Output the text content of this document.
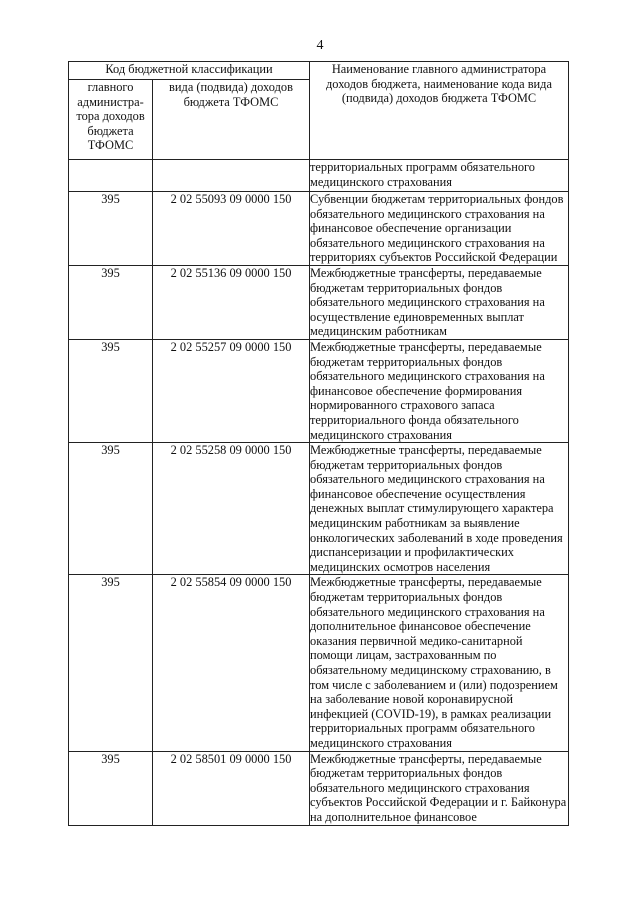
4
Код бюджетной классификации		Наименование главного администратора доходов бюджета, наименование кода вида (подвида) доходов бюджета ТФОМС
главного администра-тора доходов бюджета ТФОМС	вида (подвида) доходов бюджета ТФОМС	
		территориальных программ обязательного медицинского страхования
395	2 02 55093 09 0000 150	Субвенции бюджетам территориальных фондов обязательного медицинского страхования на финансовое обеспечение организации обязательного медицинского страхования на территориях субъектов Российской Федерации
395	2 02 55136 09 0000 150	Межбюджетные трансферты, передаваемые бюджетам территориальных фондов обязательного медицинского страхования на осуществление единовременных выплат медицинским работникам
395	2 02 55257 09 0000 150	Межбюджетные трансферты, передаваемые бюджетам территориальных фондов обязательного медицинского страхования на финансовое обеспечение формирования нормированного страхового запаса территориального фонда обязательного медицинского страхования
395	2 02 55258 09 0000 150	Межбюджетные трансферты, передаваемые бюджетам территориальных фондов обязательного медицинского страхования на финансовое обеспечение осуществления денежных выплат стимулирующего характера медицинским работникам за выявление онкологических заболеваний в ходе проведения диспансеризации и профилактических медицинских осмотров населения
395	2 02 55854 09 0000 150	Межбюджетные трансферты, передаваемые бюджетам территориальных фондов обязательного медицинского страхования на дополнительное финансовое обеспечение оказания первичной медико-санитарной помощи лицам, застрахованным по обязательному медицинскому страхованию, в том числе с заболеванием и (или) подозрением на заболевание новой коронавирусной инфекцией (COVID-19), в рамках реализации территориальных программ обязательного медицинского страхования
395	2 02 58501 09 0000 150	Межбюджетные трансферты, передаваемые бюджетам территориальных фондов обязательного медицинского страхования субъектов Российской Федерации и г. Байконура на дополнительное финансовое
